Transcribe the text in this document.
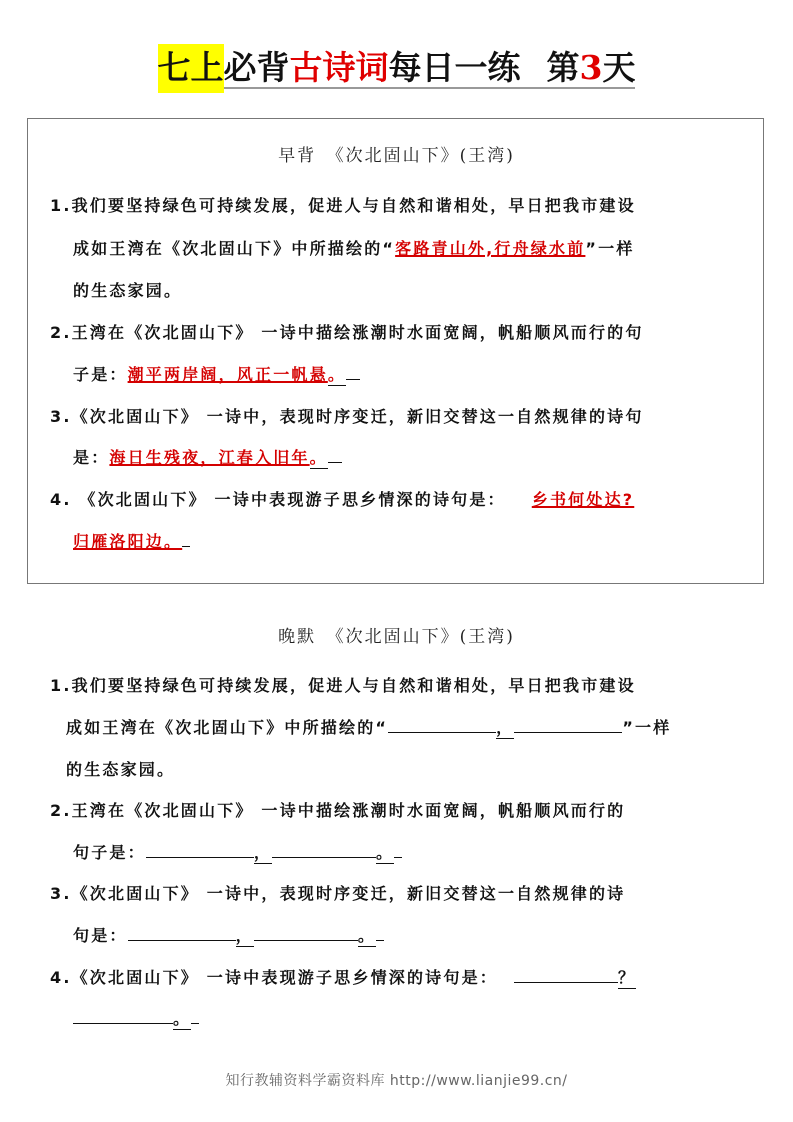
七上必背古诗词每日一练 第3天
早背　《次北固山下》(王湾)
1.我们要坚持绿色可持续发展，促进人与自然和谐相处，早日把我市建设
成如王湾在《次北固山下》中所描绘的“客路青山外,行舟绿水前”一样
的生态家园。
2.王湾在《次北固山下》 一诗中描绘涨潮时水面宽阔，帆船顺风而行的句
子是：潮平两岸阔，风正一帆悬。
3.《次北固山下》 一诗中，表现时序变迁，新旧交替这一自然规律的诗句
是：海日生残夜，江春入旧年。
4. 《次北固山下》 一诗中表现游子思乡情深的诗句是： 乡书何处达?
归雁洛阳边。
晚默　《次北固山下》(王湾)
1.我们要坚持绿色可持续发展，促进人与自然和谐相处，早日把我市建设
成如王湾在《次北固山下》中所描绘的“	，	”一样
的生态家园。
2.王湾在《次北固山下》 一诗中描绘涨潮时水面宽阔，帆船顺风而行的
句子是：	，	。
3.《次北固山下》 一诗中，表现时序变迁，新旧交替这一自然规律的诗
句是：	，	。
4.《次北固山下》 一诗中表现游子思乡情深的诗句是：	？
。
知行教辅资料学霸资料库 http://www.lianjie99.cn/
